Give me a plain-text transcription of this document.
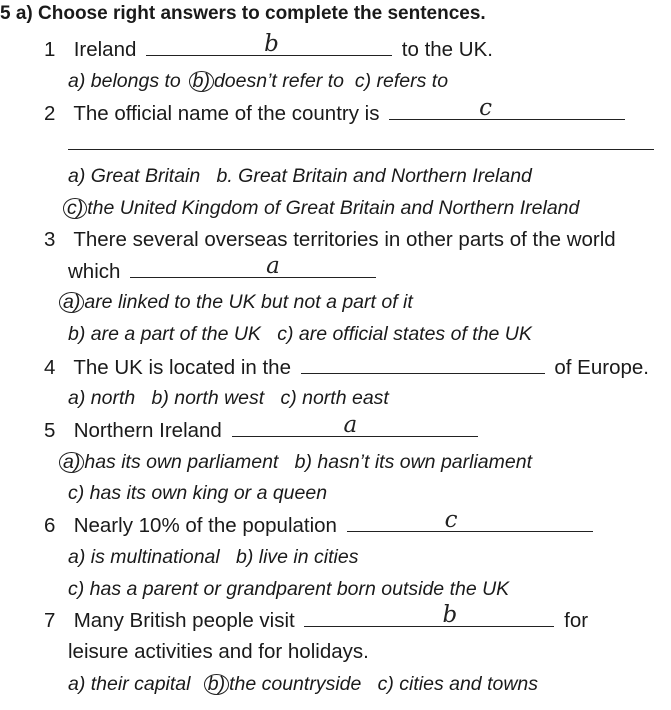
5 a) Choose right answers to complete the sentences.
1 Ireland	b	to the UK.
a) belongs to b) doesn’t refer to c) refers to
2 The official name of the country is	c
a) Great Britain b. Great Britain and Northern Ireland
c) the United Kingdom of Great Britain and Northern Ireland
3 There several overseas territories in other parts of the world
which	a
a) are linked to the UK but not a part of it
b) are a part of the UK c) are official states of the UK
4 The UK is located in the	of Europe.
a) north b) north west c) north east
5 Northern Ireland	a
a) has its own parliament b) hasn’t its own parliament
c) has its own king or a queen
6 Nearly 10% of the population	c
a) is multinational b) live in cities
c) has a parent or grandparent born outside the UK
7 Many British people visit	b	for
leisure activities and for holidays.
a) their capital b) the countryside c) cities and towns
